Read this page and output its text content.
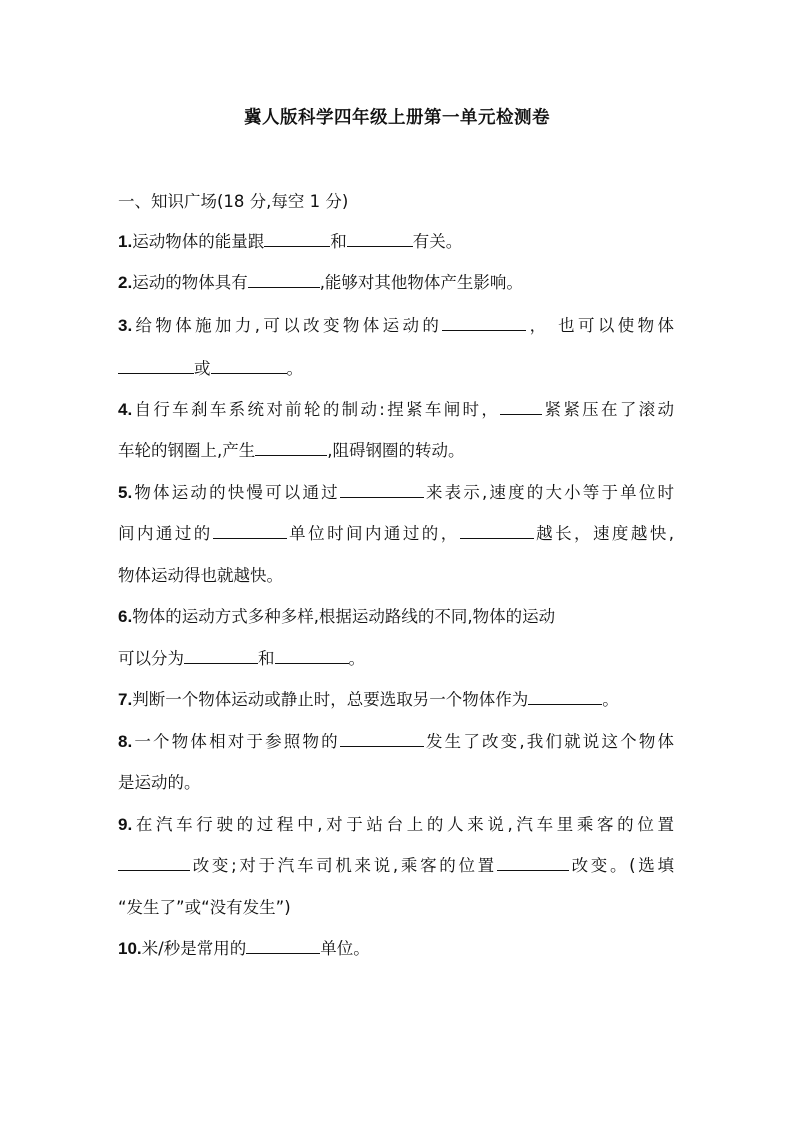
冀人版科学四年级上册第一单元检测卷
一、知识广场(18 分,每空 1 分)
1.运动物体的能量跟	和	有关。
2.运动的物体具有	,能够对其他物体产生影响。
3.给物体施加力,可以改变物体运动的	， 也可以使物体
或	。
4.自行车刹车系统对前轮的制动:捏紧车闸时，	紧紧压在了滚动
车轮的钢圈上,产生	,阻碍钢圈的转动。
5.物体运动的快慢可以通过	来表示,速度的大小等于单位时
间内通过的	单位时间内通过的，	越长，速度越快,
物体运动得也就越快。
6.物体的运动方式多种多样,根据运动路线的不同,物体的运动
可以分为	和	。
7.判断一个物体运动或静止时，总要选取另一个物体作为	。
8.一个物体相对于参照物的	发生了改变,我们就说这个物体
是运动的。
9.在汽车行驶的过程中,对于站台上的人来说,汽车里乘客的位置
改变;对于汽车司机来说,乘客的位置	改变。(选填
“发生了”或“没有发生”)
10.米/秒是常用的	单位。
